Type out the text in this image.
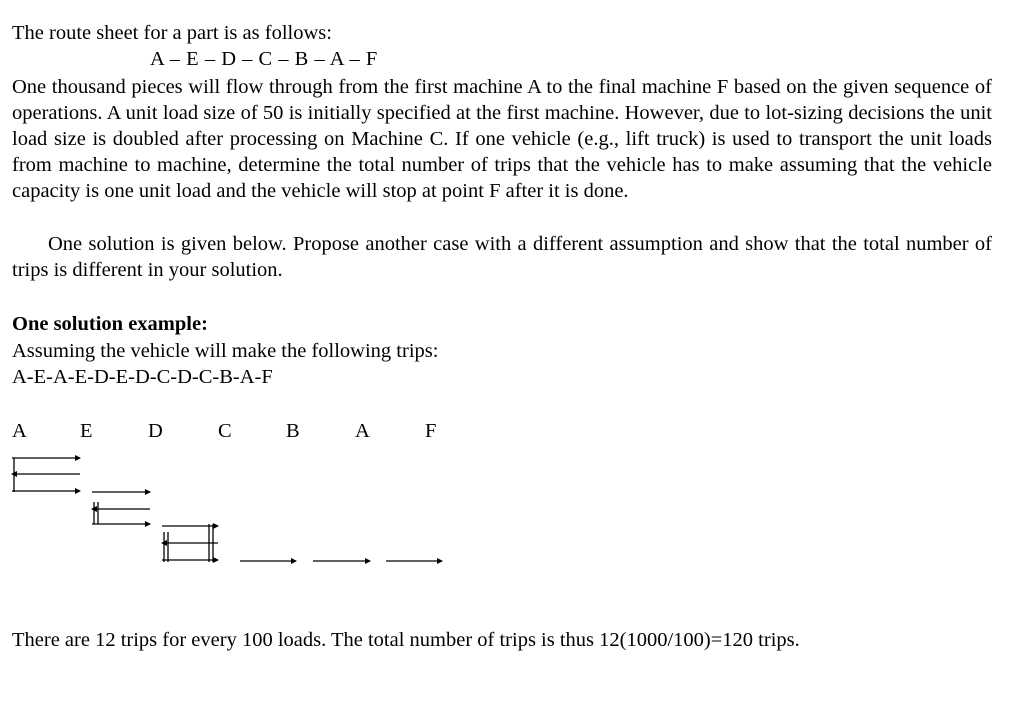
The route sheet for a part is as follows:
A – E – D – C – B – A – F
One thousand pieces will flow through from the first machine A to the final machine F based on the given sequence of operations. A unit load size of 50 is initially specified at the first machine. However, due to lot-sizing decisions the unit load size is doubled after processing on Machine C. If one vehicle (e.g., lift truck) is used to transport the unit loads from machine to machine, determine the total number of trips that the vehicle has to make assuming that the vehicle capacity is one unit load and the vehicle will stop at point F after it is done.
One solution is given below. Propose another case with a different assumption and show that the total number of trips is different in your solution.
One solution example:
Assuming the vehicle will make the following trips:
A-E-A-E-D-E-D-C-D-C-B-A-F
A	E	D	C	B	A	F
There are 12 trips for every 100 loads. The total number of trips is thus 12(1000/100)=120 trips.
